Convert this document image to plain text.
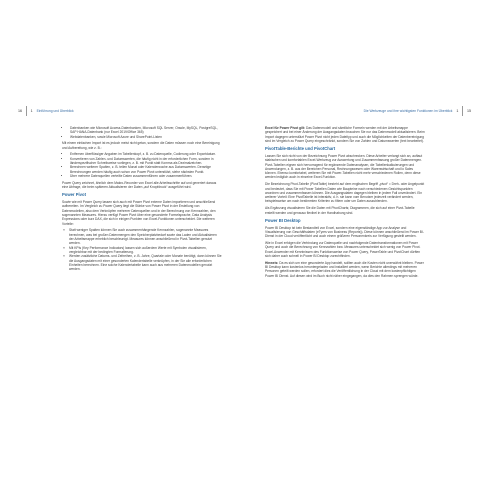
16 1 Einführung und Überblick
• Datenbanken wie Microsoft Access-Datenbanken, Microsoft SQL Server, Oracle, MySQL, PostgreSQL, SAP HANA-Datenbank (nur Excel 2019/Office 365)
• Webdatenbanken, sowie Microsoft Azure und SharePoint-Listen

Mit einem einfachen Import ist es jedoch meist nicht getan, sondern die Daten müssen noch eine Bereinigung und Aufbereitung, wie z. B.:

• Entfernen überflüssiger Angaben im Tabellenkopf, z. B. zu Datenquelle, Codierung oder Exportdatum.
• Konvertieren von Zahlen- und Datumswerten, die häufig nicht in der erforderlichen Form, sondern in länderspezifischer Schreibweise vorliegen, z. B. mit Punkt statt Komma als Dezimalzeichen.
• Berechnen weiterer Spalten, z. B. teilen Monat oder Kalenderwoche aus Datumswerten. Derartige Berechnungen werden häufig auch schon von Power Pivot unterstützt, siehe nächsten Punkt.
• Über mehrere Datenquellen verteilte Daten zusammenführen oder zusammenführen.

Power Query zeichnet, ähnlich dem Makro-Recorder von Excel alle Arbeitsschritte auf und generiert daraus eine Abfrage, die beim späteren Aktualisieren der Daten „auf Knopfdruck“ ausgeführt wird.

Power Pivot

Sowie wie mit Power Query lassen sich auch mit Power Pivot externe Daten importieren und anschließend aufbereiten. Im Vergleich zu Power Query liegt die Stärke von Power Pivot in der Erstellung von Datenmodellen, also dem Verknüpfen mehrerer Datenquellen und in der Berechnung von Kennzahlen, den sogenannten Measures. Hierzu verfügt Power Pivot über eine gesonderte Formelsprache, Data Analysis Expressions oder kurz DAX, die sich in einigen Punkten von Excel-Funktionen unterscheidet. Die weiteren Vorteile:

» Statt weniger Spalten können Sie auch zusammenhängende Kennzahlen, sogenannte Measures berechnen, was bei großen Datenmengen den Speicherplatzbedarf sowie das Laden und Aktualisieren der Arbeitsmappe erheblich beschleunigt. Measures können anschließend in Pivot-Tabellen genutzt werden.
» Mit KPIs (Key Performance Indicators) lassen sich außerdem Werte mit Symbolen visualisieren, vergleichbar mit der bedingten Formatierung.
» Werden zusätzliche Datums- und Zeitreihen, z. B. Jahre, Quartale oder Monate benötigt, dann können Sie die Ausgangsdaten mit einer gesonderten Kalendertabelle verknüpfen, in der Sie alle erforderlichen Einheiten berechnen. Eine solche Kalendertabelle kann auch aus mehreren Datenmodellen genutzt werden.
Die Werkzeuge und ihre wichtigsten Funktionen im Überblick 1 15

Excel für Power Pivot gilt: Das Datenmodell und sämtliche Formeln werden mit der Arbeitsmappe gespeichert und bei einer Änderung der Ausgangsdaten brauchen Sie nur das Datenmodell aktualisieren. Beim Import dagegen unterstützt Power Pivot nicht jeden Dateityp und auch die Möglichkeiten der Datenbereinigung sind im Vergleich zu Power Query eingeschränkt, sondern Sie von Zahlen und Datumswerten (text bearbeitet).

PivotTable-Berichte und PivotChart

Lassen Sie sich nicht von der Bezeichnung Power Pivot abschrecken. Diese Arbeiter verlangt sich an, auftaut stabischen und komfortablen Excel-Werkzeug zur Auswertung und Zusammenfassung großer Datenmengen. Pivot-Tabellen eignen sich hervorragend für ergänzende Datenanalysen, die Tabellenkalkuierungen und Anwendungen, z. B. aus der Bereichen Personal, Rechnungswesen oder Warenwirtschaft und lo Sales können. Ebenso komfortabel, weiteren Sie mit Power-Tabellen nicht mehr verschiedenen Rollen, denn diese werden lediglich auch in einzelne Excel-Funktion.

Die Bezeichnung Pivot-Tabelle (PivotTable) besteht auf dem englischen Begriff „pivot“ = Dreh- oder Angelpunkt und bedeutet, dass Sie mit Power Tabellen Daten wie Baupteine nach verschiedenen Gesichtspunkten anordnen und zusammenfassen können. Die Ausgangsdaten dagegen bleiben in jedem Fall unverändert. Ein weiterer Vorteil: Eine PivotTabelle ist interaktiv, d. h. sie kann vom Benutzer jederzeit verändert werden, beispielsweise um nach bestimmten Kriterien zu filtern oder um Daten auszublenden.

Als Ergänzung visualisieren Sie die Daten mit PivotCharts; Diagrammen, die sich auf einer Pivot-Tabelle erstellt werden und genauso flexibel in der Handhabung sind.

Power BI Desktop

Power BI Desktop ist kein Bestandteil von Excel, sondern eine eigenständige App zur Analyse und Visualisierung von Geschäftsdaten (eTyres von Business (Reports)). Diese können anschließend im Power BI-Dienst in der Cloud veröffentlicht und auch einem größeren Personenkreis zur Verfügung gestellt werden.

Wie in Excel erfolgen die Verbindung zur Datenquelle und nachfolgende Datentransformationen mit Power Query und auch die Berechnung von Kennzahlen bzw. Measures unterscheidet sich wenig von Power Pivot. Excel-Anwender mit Kenntnissen des Funktionsweise von Power Query, PowerTable und PivotChart dürften sich daher auch schnell in Power BI Desktop zurechtfinden.

Hinweis: Da es sich um eine gesonderte App handelt, sollten auch die Kosten nicht unerwähnt bleiben. Power BI Desktop kann kostenlos heruntergeladen und installiert werden, wenn Berichte allerdings mit mehreren Personen geteilt werden sollen, erfordert dies die Veröffentlichung in der Cloud mit dem kostenpflichtigen Power BI Dienst. Auf diesen wird im Buch nicht näher eingegangen, da dies den Rahmen sprengen würde.
